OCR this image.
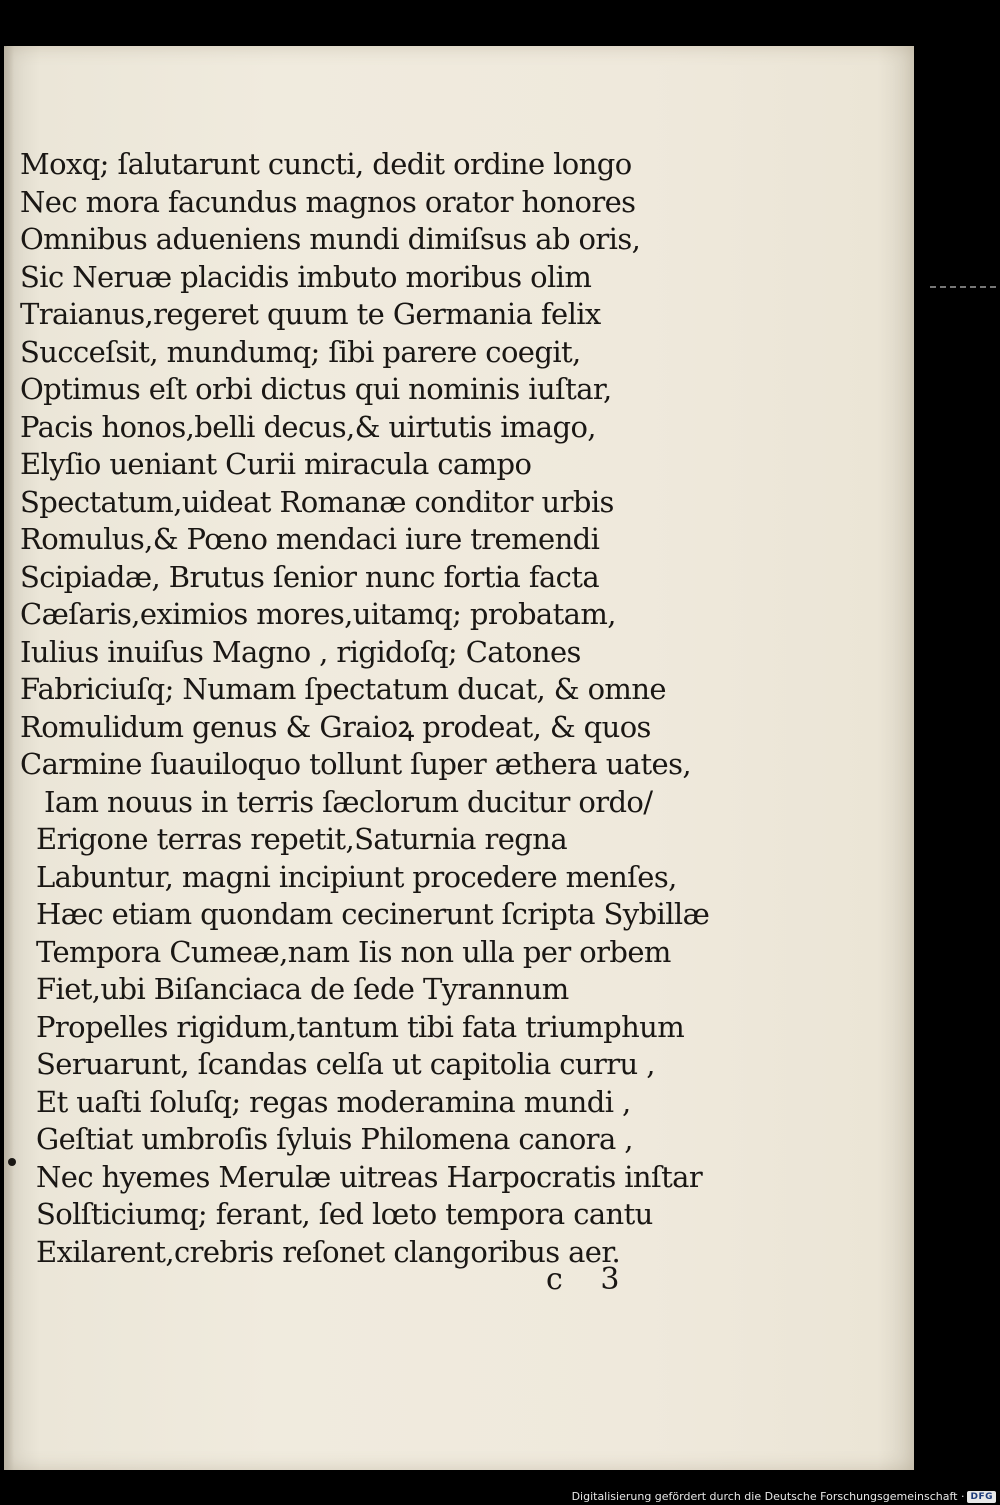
Moxq; ſalutarunt cuncti, dedit ordine longo
Nec mora facundus magnos orator honores
Omnibus adueniens mundi dimiſsus ab oris,
Sic Neruæ placidis imbuto moribus olim
Traianus,regeret quum te Germania felix
Succeſsit, mundumq; ſibi parere coegit,
Optimus eſt orbi dictus qui nominis iuſtar,
Pacis honos,belli decus,& uirtutis imago,
Elyſio ueniant Curii miracula campo
Spectatum,uideat Romanæ conditor urbis
Romulus,& Pœno mendaci iure tremendi
Scipiadæ, Brutus ſenior nunc fortia facta
Cæſaris,eximios mores,uitamq; probatam,
Iulius inuiſus Magno , rigidoſq; Catones
Fabriciuſq; Numam ſpectatum ducat, & omne
Romulidum genus & Graioꝝ prodeat, & quos
Carmine ſuauiloquo tollunt ſuper æthera uates,
Iam nouus in terris ſæclorum ducitur ordo/
Erigone terras repetit,Saturnia regna
Labuntur, magni incipiunt procedere menſes,
Hæc etiam quondam cecinerunt ſcripta Sybillæ
Tempora Cumeæ,nam Iis non ulla per orbem
Fiet,ubi Biſanciaca de ſede Tyrannum
Propelles rigidum,tantum tibi fata triumphum
Seruarunt, ſcandas celſa ut capitolia curru ,
Et uaſti ſoluſq; regas moderamina mundi ,
Geſtiat umbroſis ſyluis Philomena canora ,
Nec hyemes Merulæ uitreas Harpocratis inſtar
Solſticiumq; ferant, ſed lœto tempora cantu
Exilarent,crebris reſonet clangoribus aer.
c 3
Digitalisierung gefördert durch die Deutsche Forschungsgemeinschaft · DFG
